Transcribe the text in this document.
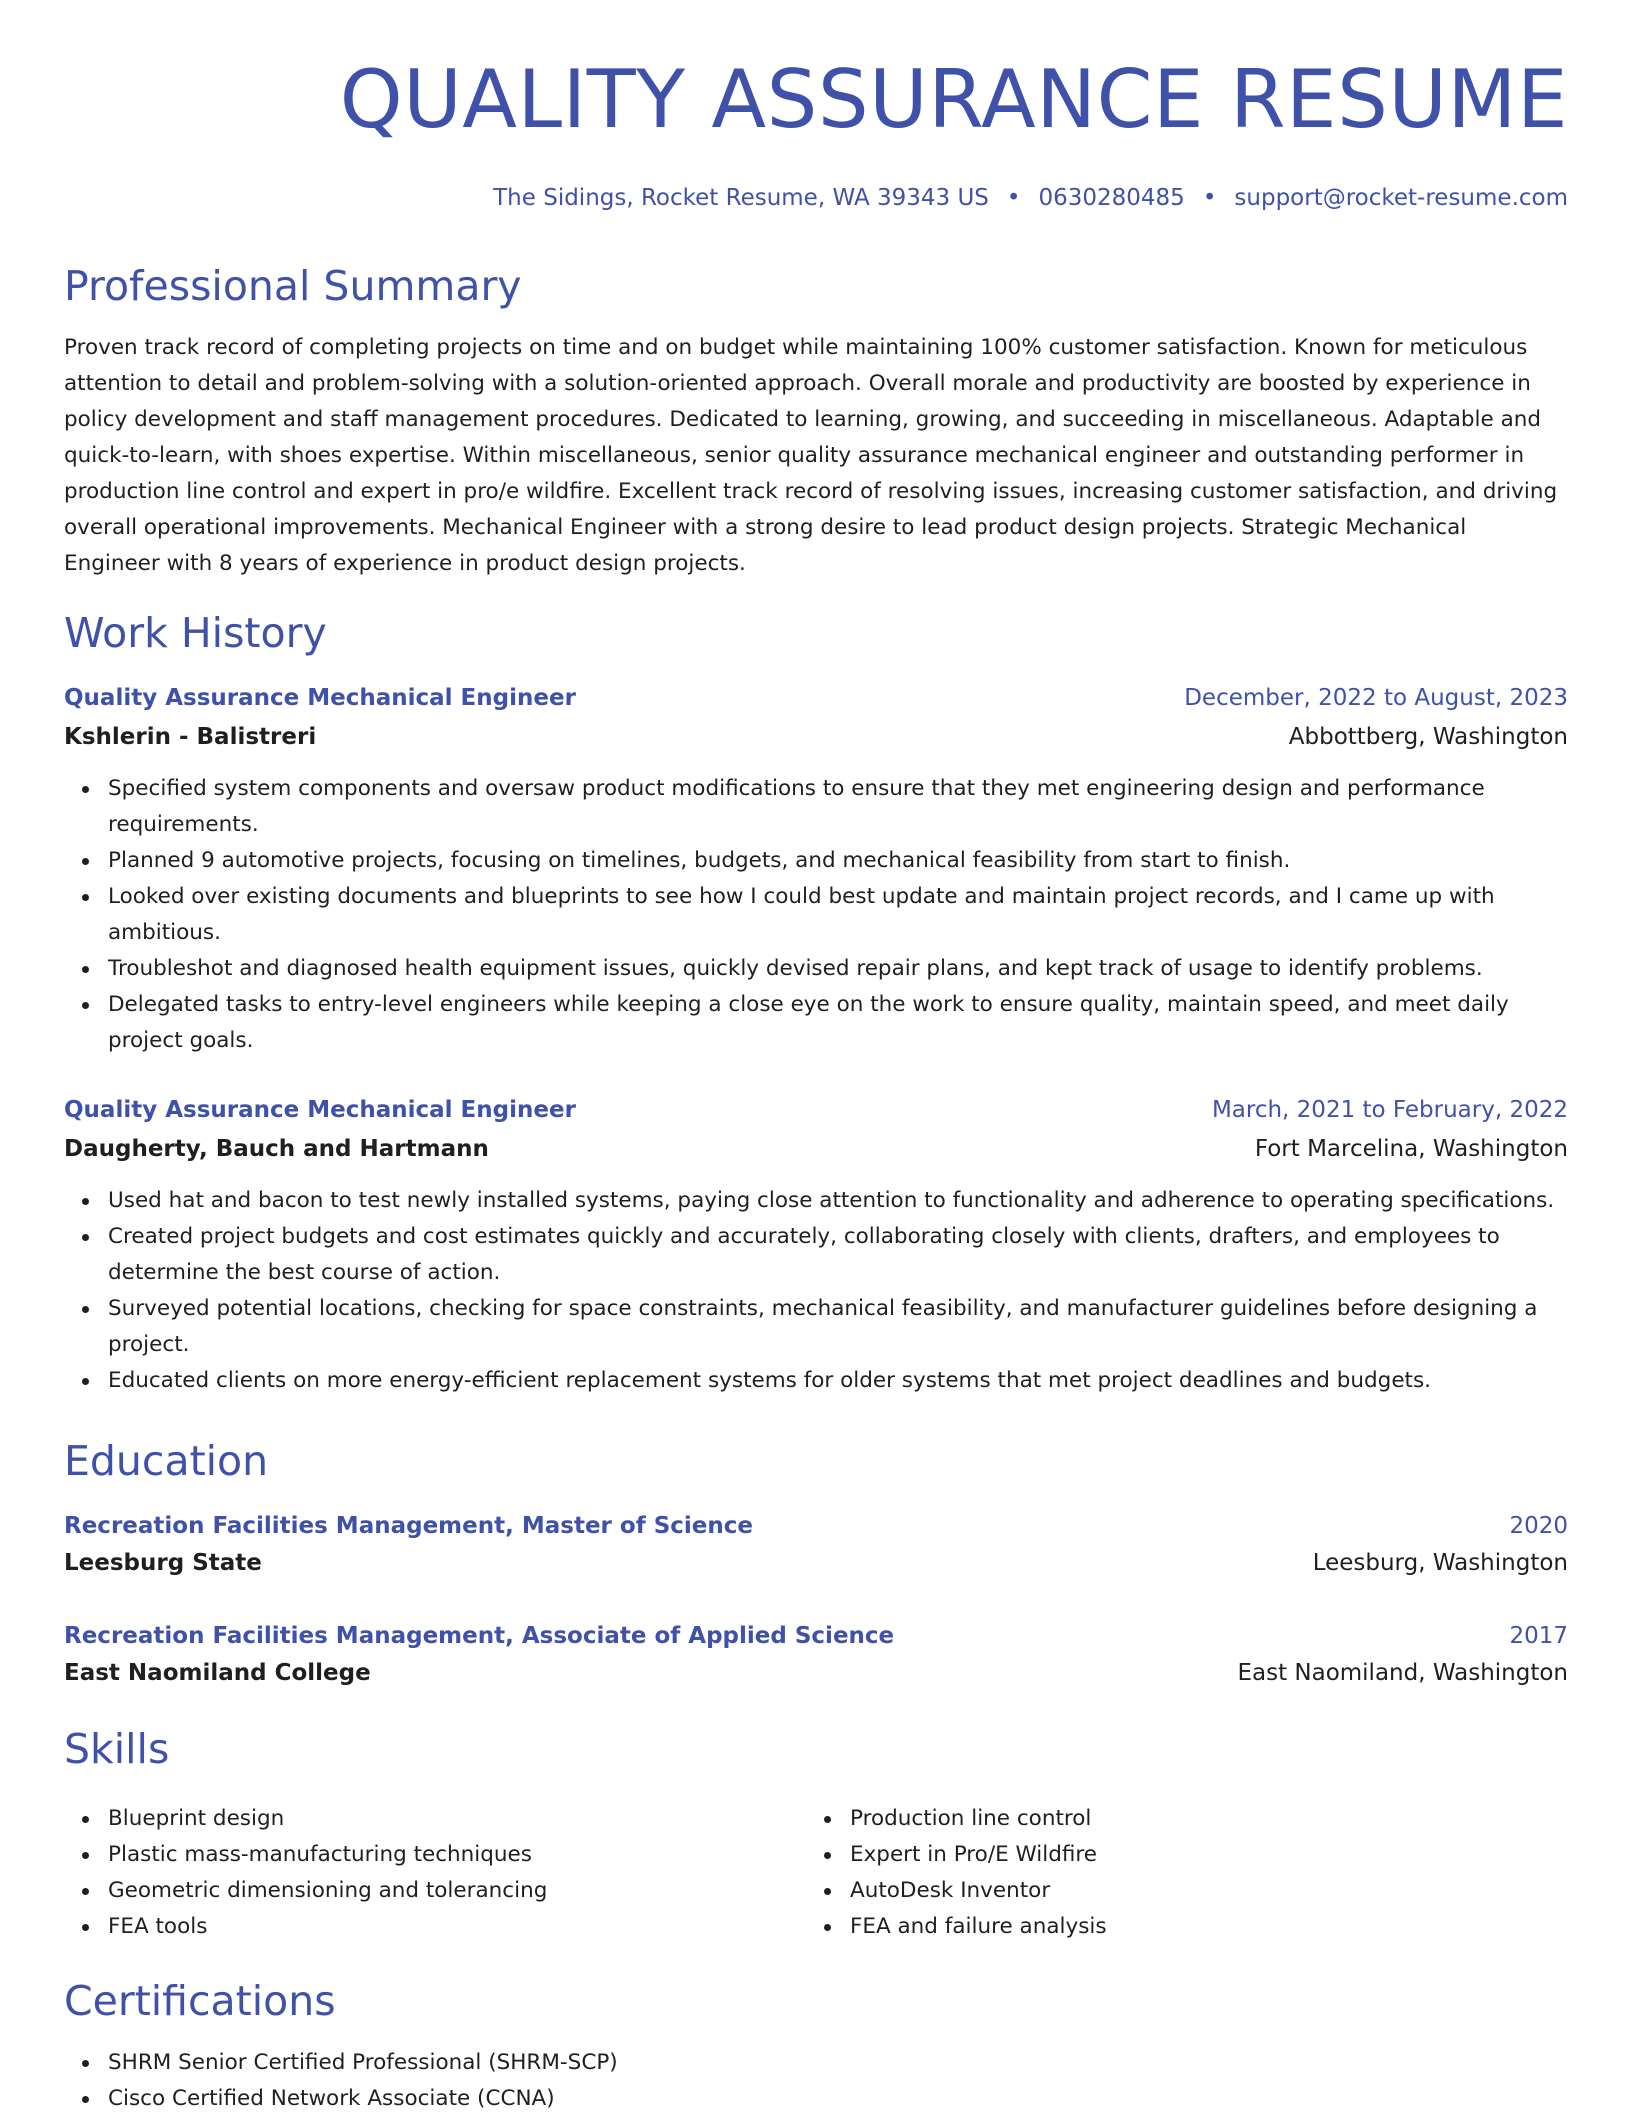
QUALITY ASSURANCE RESUME
The Sidings, Rocket Resume, WA 39343 US • 0630280485 • support@rocket-resume.com
Professional Summary

Proven track record of completing projects on time and on budget while maintaining 100% customer satisfaction. Known for meticulous attention to detail and problem-solving with a solution-oriented approach. Overall morale and productivity are boosted by experience in policy development and staff management procedures. Dedicated to learning, growing, and succeeding in miscellaneous. Adaptable and quick-to-learn, with shoes expertise. Within miscellaneous, senior quality assurance mechanical engineer and outstanding performer in production line control and expert in pro/e wildfire. Excellent track record of resolving issues, increasing customer satisfaction, and driving overall operational improvements. Mechanical Engineer with a strong desire to lead product design projects. Strategic Mechanical Engineer with 8 years of experience in product design projects.

Work History
Quality Assurance Mechanical Engineer	December, 2022 to August, 2023
Kshlerin - Balistreri	Abbottberg, Washington
Specified system components and oversaw product modifications to ensure that they met engineering design and performance requirements.
Planned 9 automotive projects, focusing on timelines, budgets, and mechanical feasibility from start to finish.
Looked over existing documents and blueprints to see how I could best update and maintain project records, and I came up with ambitious.
Troubleshot and diagnosed health equipment issues, quickly devised repair plans, and kept track of usage to identify problems.
Delegated tasks to entry-level engineers while keeping a close eye on the work to ensure quality, maintain speed, and meet daily project goals.
Quality Assurance Mechanical Engineer	March, 2021 to February, 2022
Daugherty, Bauch and Hartmann	Fort Marcelina, Washington
Used hat and bacon to test newly installed systems, paying close attention to functionality and adherence to operating specifications.
Created project budgets and cost estimates quickly and accurately, collaborating closely with clients, drafters, and employees to determine the best course of action.
Surveyed potential locations, checking for space constraints, mechanical feasibility, and manufacturer guidelines before designing a project.
Educated clients on more energy-efficient replacement systems for older systems that met project deadlines and budgets.
Education
Recreation Facilities Management, Master of Science	2020
Leesburg State	Leesburg, Washington
Recreation Facilities Management, Associate of Applied Science	2017
East Naomiland College	East Naomiland, Washington
Skills
Blueprint design
Plastic mass-manufacturing techniques
Geometric dimensioning and tolerancing
FEA tools
Production line control
Expert in Pro/E Wildfire
AutoDesk Inventor
FEA and failure analysis
Certifications
SHRM Senior Certified Professional (SHRM-SCP)
Cisco Certified Network Associate (CCNA)
